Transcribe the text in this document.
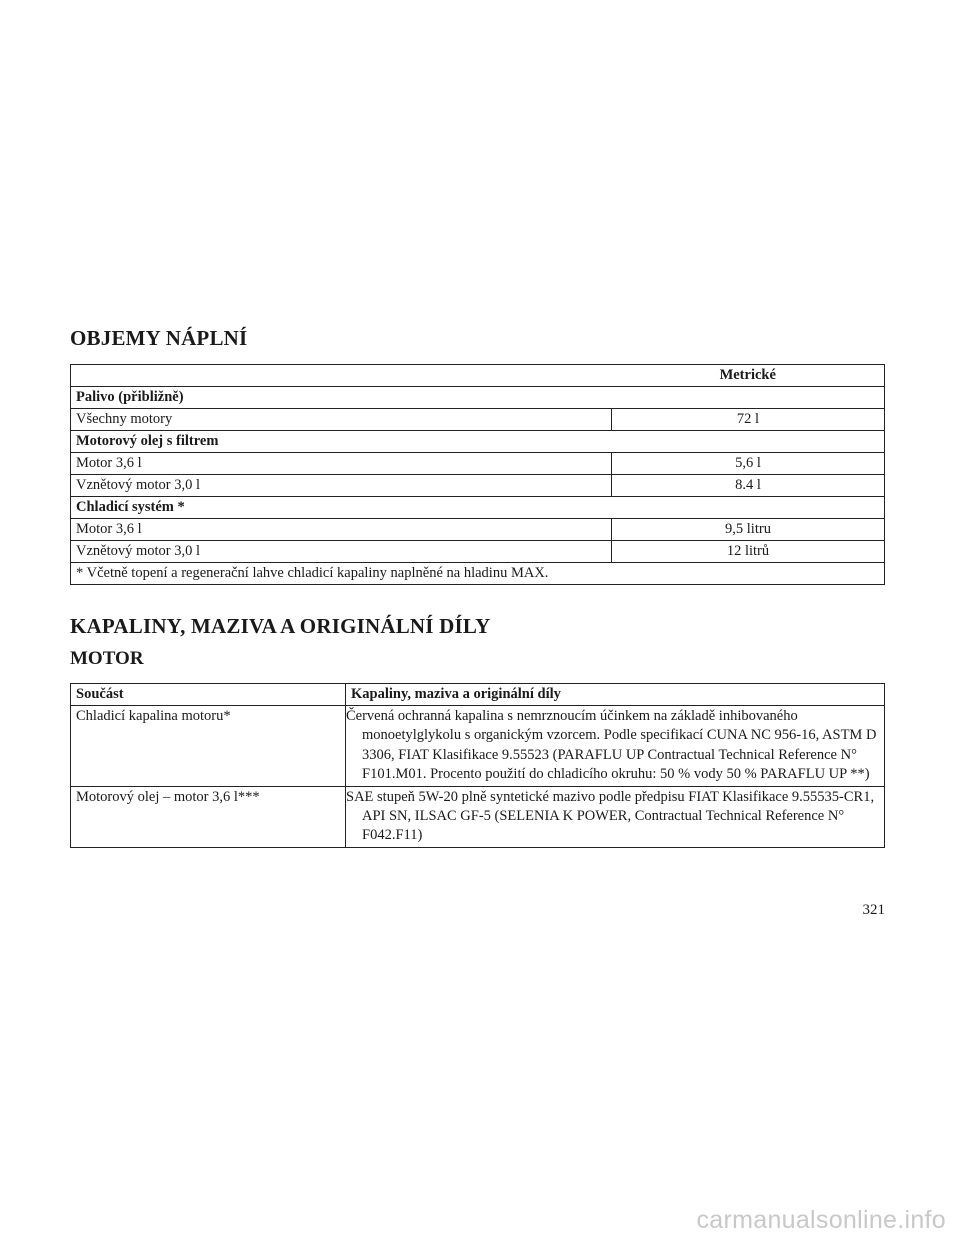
OBJEMY NÁPLNÍ
	Metrické
Palivo (přibližně)	
Všechny motory	72 l
Motorový olej s filtrem	
Motor 3,6 l	5,6 l
Vznětový motor 3,0 l	8.4 l
Chladicí systém *	
Motor 3,6 l	9,5 litru
Vznětový motor 3,0 l	12 litrů
* Včetně topení a regenerační lahve chladicí kapaliny naplněné na hladinu MAX.	
KAPALINY, MAZIVA A ORIGINÁLNÍ DÍLY
MOTOR
Součást	Kapaliny, maziva a originální díly
Chladicí kapalina motoru*	Červená ochranná kapalina s nemrznoucím účinkem na základě inhibovaného monoetylglykolu s organickým vzorcem. Podle specifikací CUNA NC 956-16, ASTM D 3306, FIAT Klasifikace 9.55523 (PARAFLU UP Contractual Technical Reference N° F101.M01. Procento použití do chladicího okruhu: 50 % vody 50 % PARAFLU UP **)
Motorový olej – motor 3,6 l***	SAE stupeň 5W-20 plně syntetické mazivo podle předpisu FIAT Klasifikace 9.55535-CR1, API SN, ILSAC GF-5 (SELENIA K POWER, Contractual Technical Reference N° F042.F11)
321
carmanualsonline.info
